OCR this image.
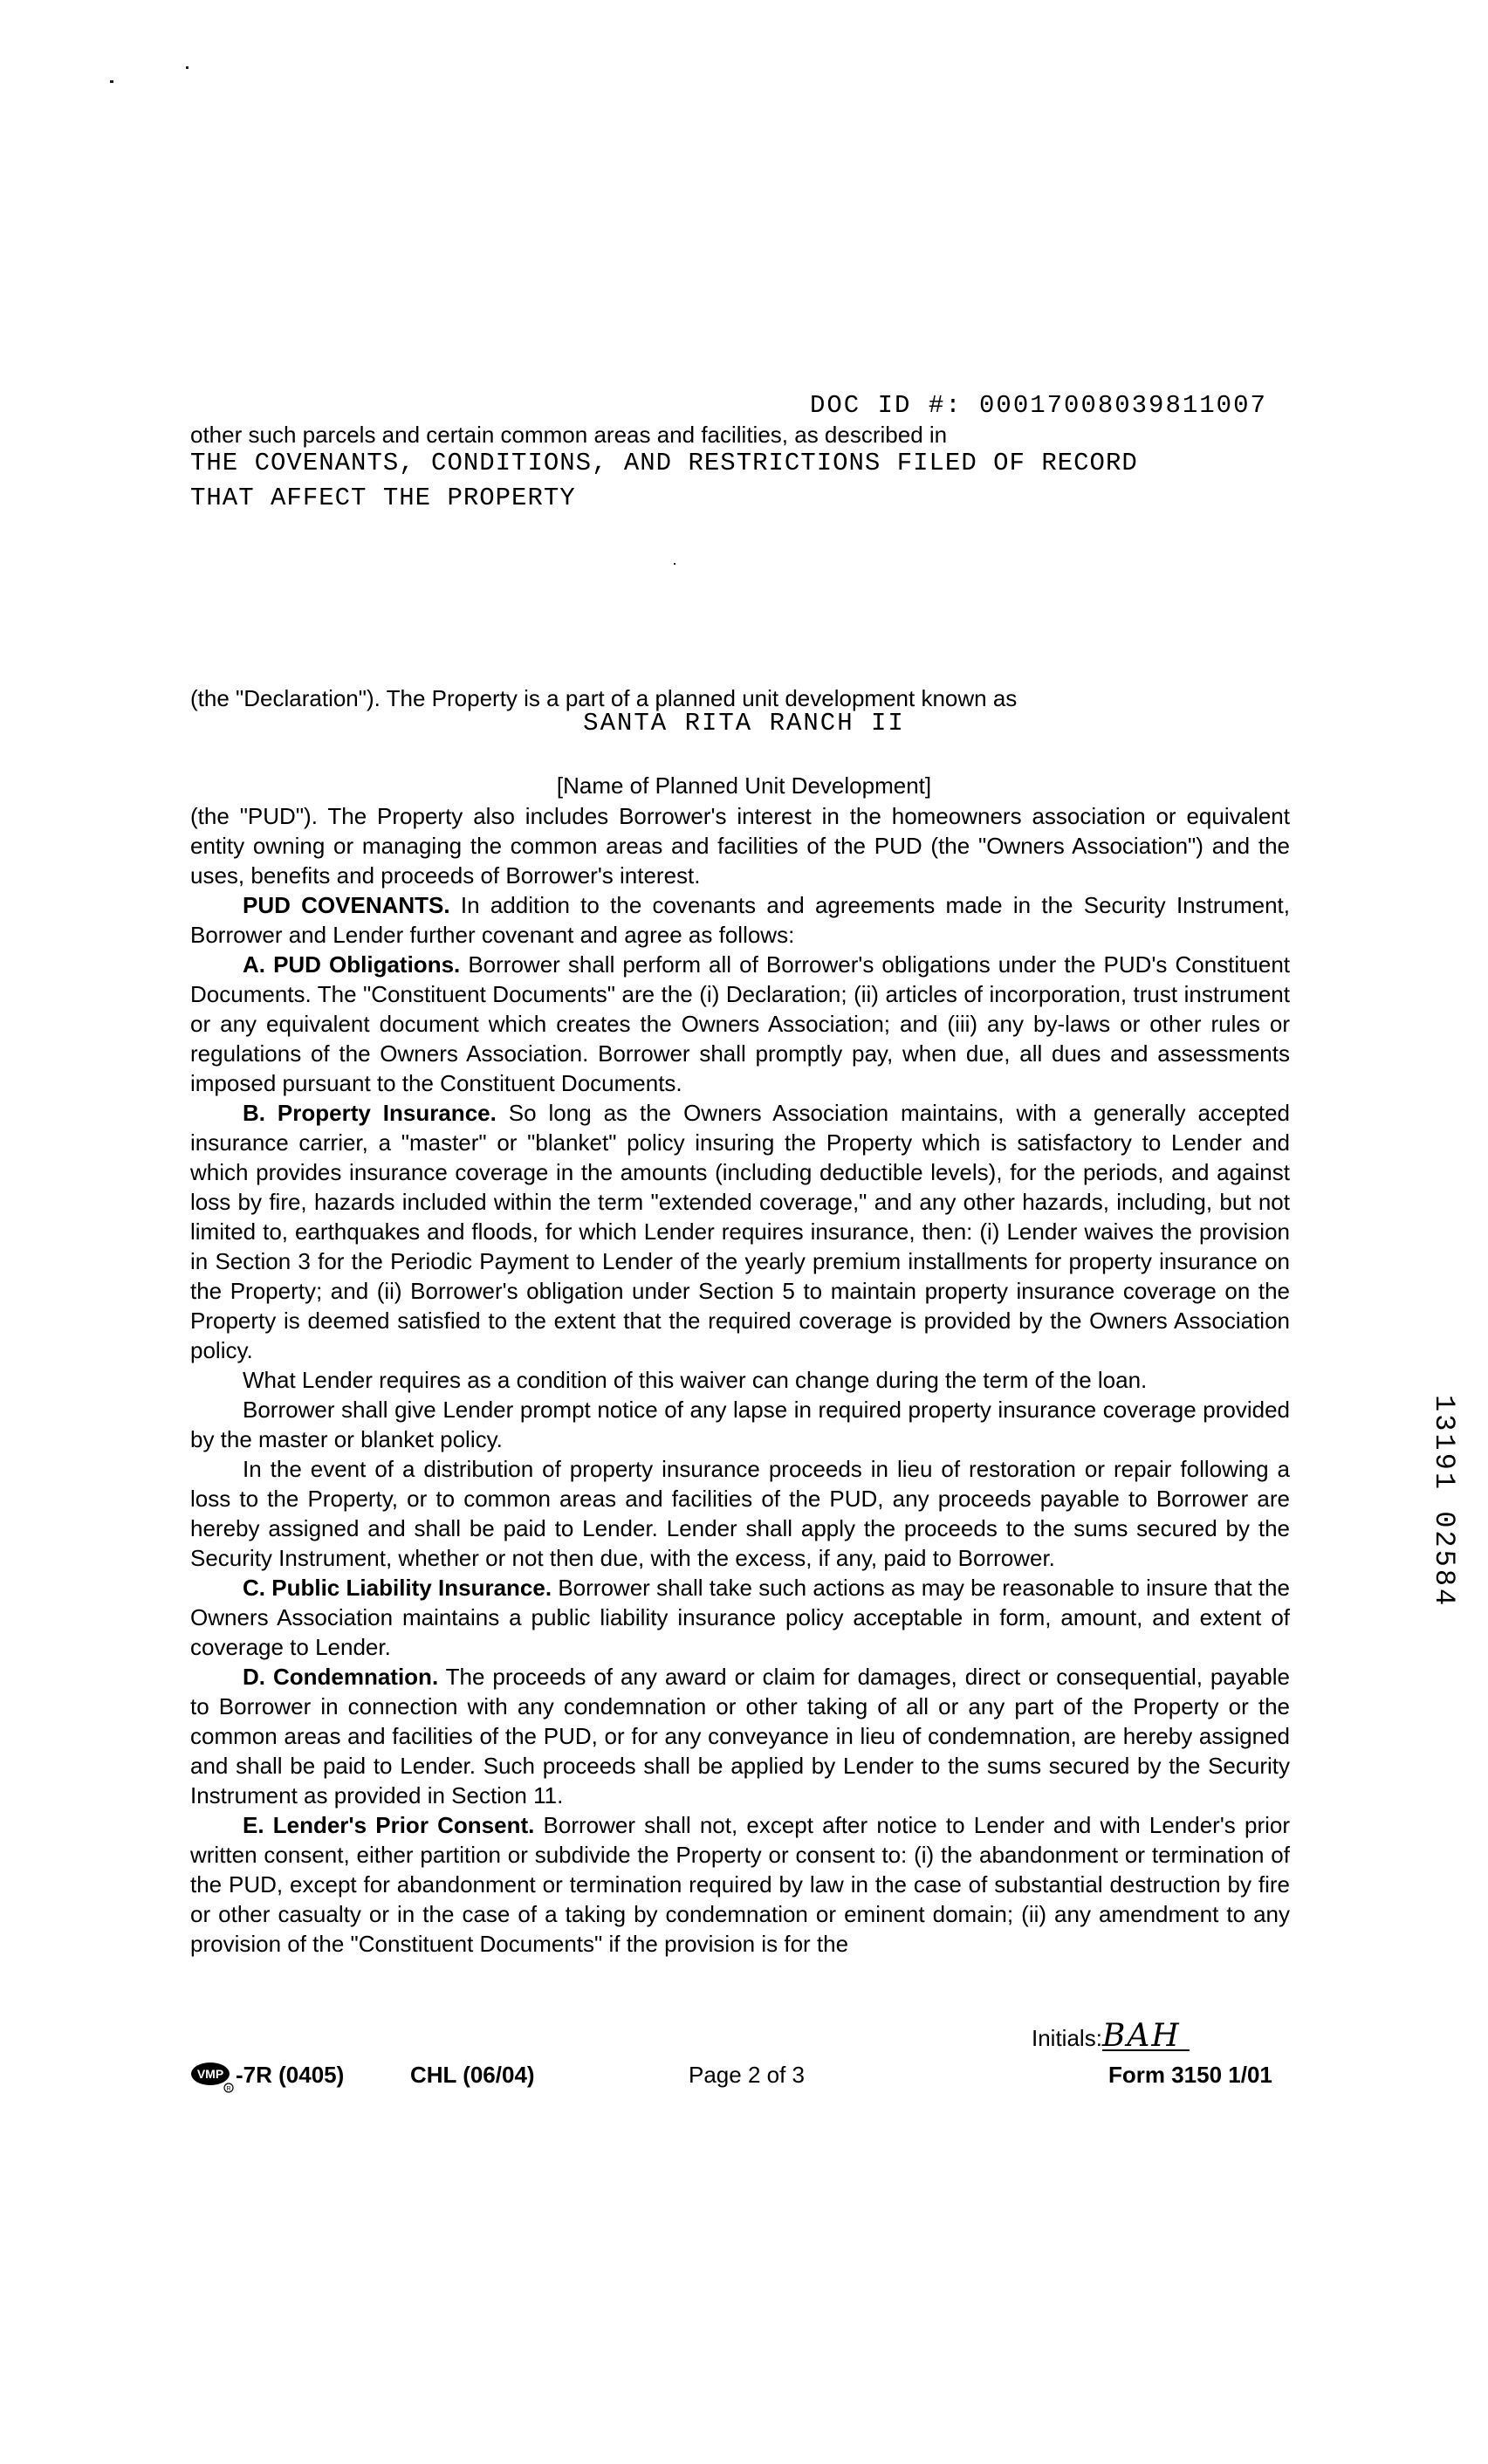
DOC ID #: 00017008039811007
other such parcels and certain common areas and facilities, as described in
THE COVENANTS, CONDITIONS, AND RESTRICTIONS FILED OF RECORD
THAT AFFECT THE PROPERTY
(the "Declaration"). The Property is a part of a planned unit development known as
SANTA RITA RANCH II
[Name of Planned Unit Development]

(the "PUD"). The Property also includes Borrower's interest in the homeowners association or equivalent entity owning or managing the common areas and facilities of the PUD (the "Owners Association") and the uses, benefits and proceeds of Borrower's interest.

PUD COVENANTS. In addition to the covenants and agreements made in the Security Instrument, Borrower and Lender further covenant and agree as follows:

A. PUD Obligations. Borrower shall perform all of Borrower's obligations under the PUD's Constituent Documents. The "Constituent Documents" are the (i) Declaration; (ii) articles of incorporation, trust instrument or any equivalent document which creates the Owners Association; and (iii) any by-laws or other rules or regulations of the Owners Association. Borrower shall promptly pay, when due, all dues and assessments imposed pursuant to the Constituent Documents.

B. Property Insurance. So long as the Owners Association maintains, with a generally accepted insurance carrier, a "master" or "blanket" policy insuring the Property which is satisfactory to Lender and which provides insurance coverage in the amounts (including deductible levels), for the periods, and against loss by fire, hazards included within the term "extended coverage," and any other hazards, including, but not limited to, earthquakes and floods, for which Lender requires insurance, then: (i) Lender waives the provision in Section 3 for the Periodic Payment to Lender of the yearly premium installments for property insurance on the Property; and (ii) Borrower's obligation under Section 5 to maintain property insurance coverage on the Property is deemed satisfied to the extent that the required coverage is provided by the Owners Association policy.

What Lender requires as a condition of this waiver can change during the term of the loan.

Borrower shall give Lender prompt notice of any lapse in required property insurance coverage provided by the master or blanket policy.

In the event of a distribution of property insurance proceeds in lieu of restoration or repair following a loss to the Property, or to common areas and facilities of the PUD, any proceeds payable to Borrower are hereby assigned and shall be paid to Lender. Lender shall apply the proceeds to the sums secured by the Security Instrument, whether or not then due, with the excess, if any, paid to Borrower.

C. Public Liability Insurance. Borrower shall take such actions as may be reasonable to insure that the Owners Association maintains a public liability insurance policy acceptable in form, amount, and extent of coverage to Lender.

D. Condemnation. The proceeds of any award or claim for damages, direct or consequential, payable to Borrower in connection with any condemnation or other taking of all or any part of the Property or the common areas and facilities of the PUD, or for any conveyance in lieu of condemnation, are hereby assigned and shall be paid to Lender. Such proceeds shall be applied by Lender to the sums secured by the Security Instrument as provided in Section 11.

E. Lender's Prior Consent. Borrower shall not, except after notice to Lender and with Lender's prior written consent, either partition or subdivide the Property or consent to: (i) the abandonment or termination of the PUD, except for abandonment or termination required by law in the case of substantial destruction by fire or other casualty or in the case of a taking by condemnation or eminent domain; (ii) any amendment to any provision of the "Constituent Documents" if the provision is for the

Initials:BAH
VMP
R
-7R (0405)	CHL (06/04)	Page 2 of 3	Form 3150 1/01
13191 02584
